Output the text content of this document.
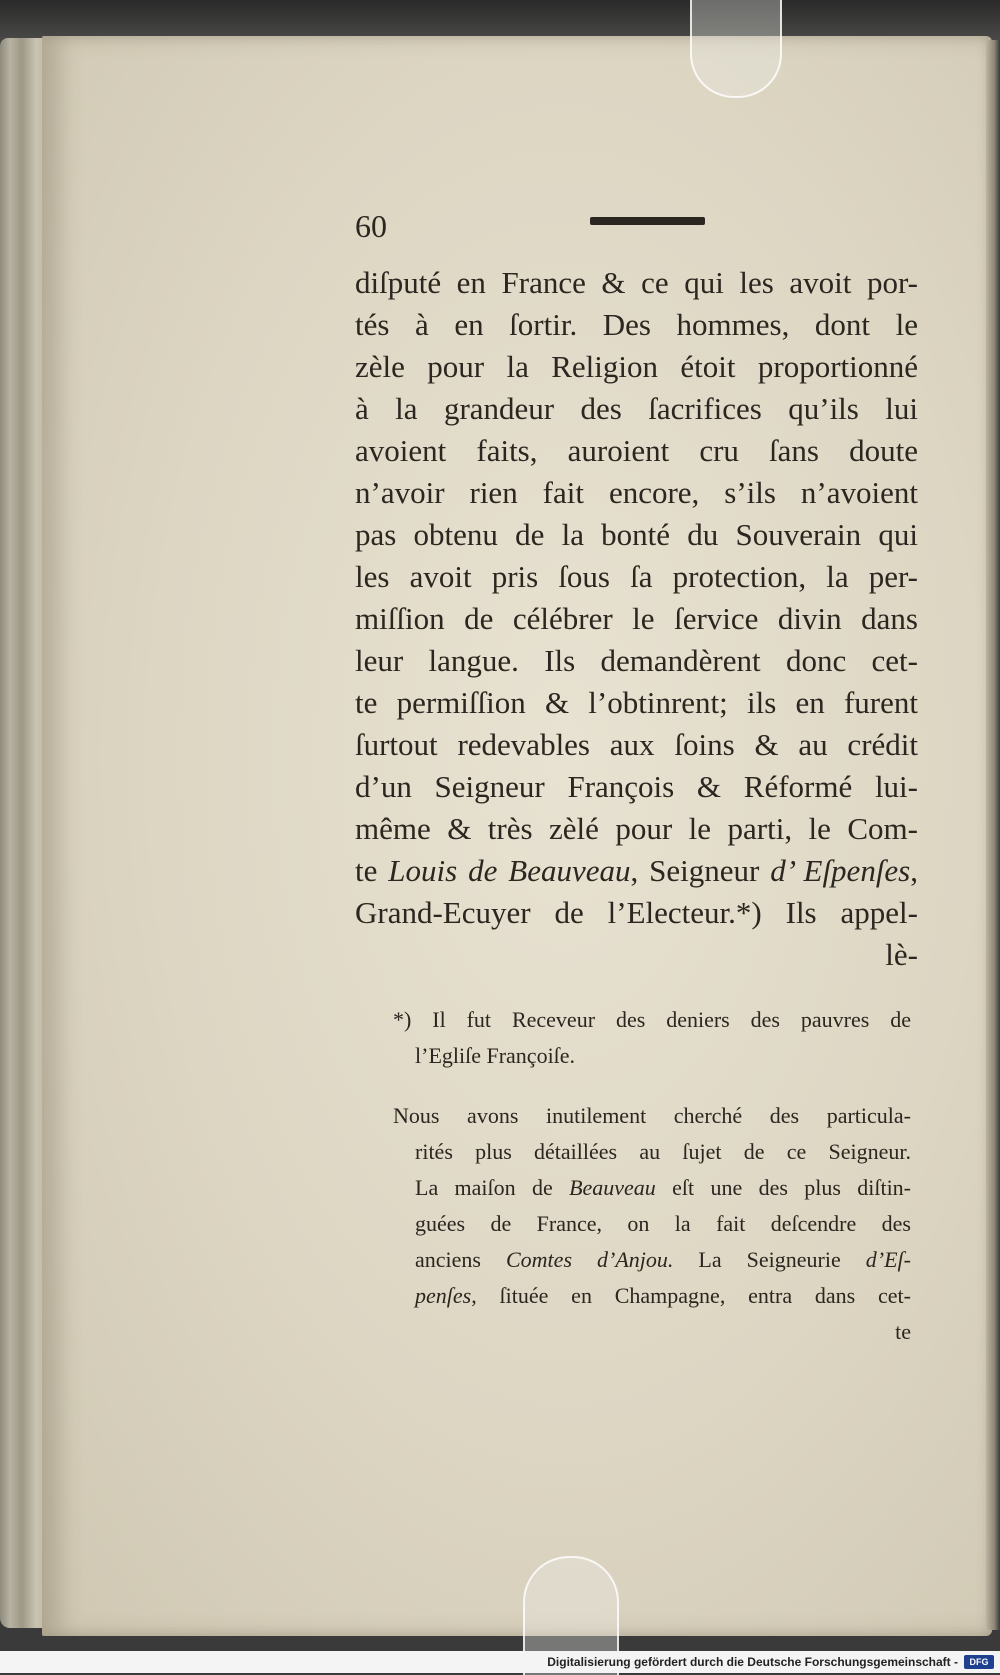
60
diſputé en France & ce qui les avoit por-
tés à en ſortir. Des hommes, dont le
zèle pour la Religion étoit proportionné
à la grandeur des ſacrifices qu’ils lui
avoient faits, auroient cru ſans doute
n’avoir rien fait encore, s’ils n’avoient
pas obtenu de la bonté du Souverain qui
les avoit pris ſous ſa protection, la per-
miſſion de célébrer le ſervice divin dans
leur langue. Ils demandèrent donc cet-
te permiſſion & l’obtinrent; ils en furent
ſurtout redevables aux ſoins & au crédit
d’un Seigneur François & Réformé lui-
même & très zèlé pour le parti, le Com-
te Louis de Beauveau, Seigneur d’ Eſpenſes,
Grand-Ecuyer de l’Electeur.*) Ils appel-
lè-
*) Il fut Receveur des deniers des pauvres de
l’Egliſe Françoiſe.
Nous avons inutilement cherché des particula-
rités plus détaillées au ſujet de ce Seigneur.
La maiſon de Beauveau eſt une des plus diſtin-
guées de France, on la fait deſcendre des
anciens Comtes d’Anjou. La Seigneurie d’Eſ-
penſes, ſituée en Champagne, entra dans cet-
te
Digitalisierung gefördert durch die Deutsche Forschungsgemeinschaft -	DFG
